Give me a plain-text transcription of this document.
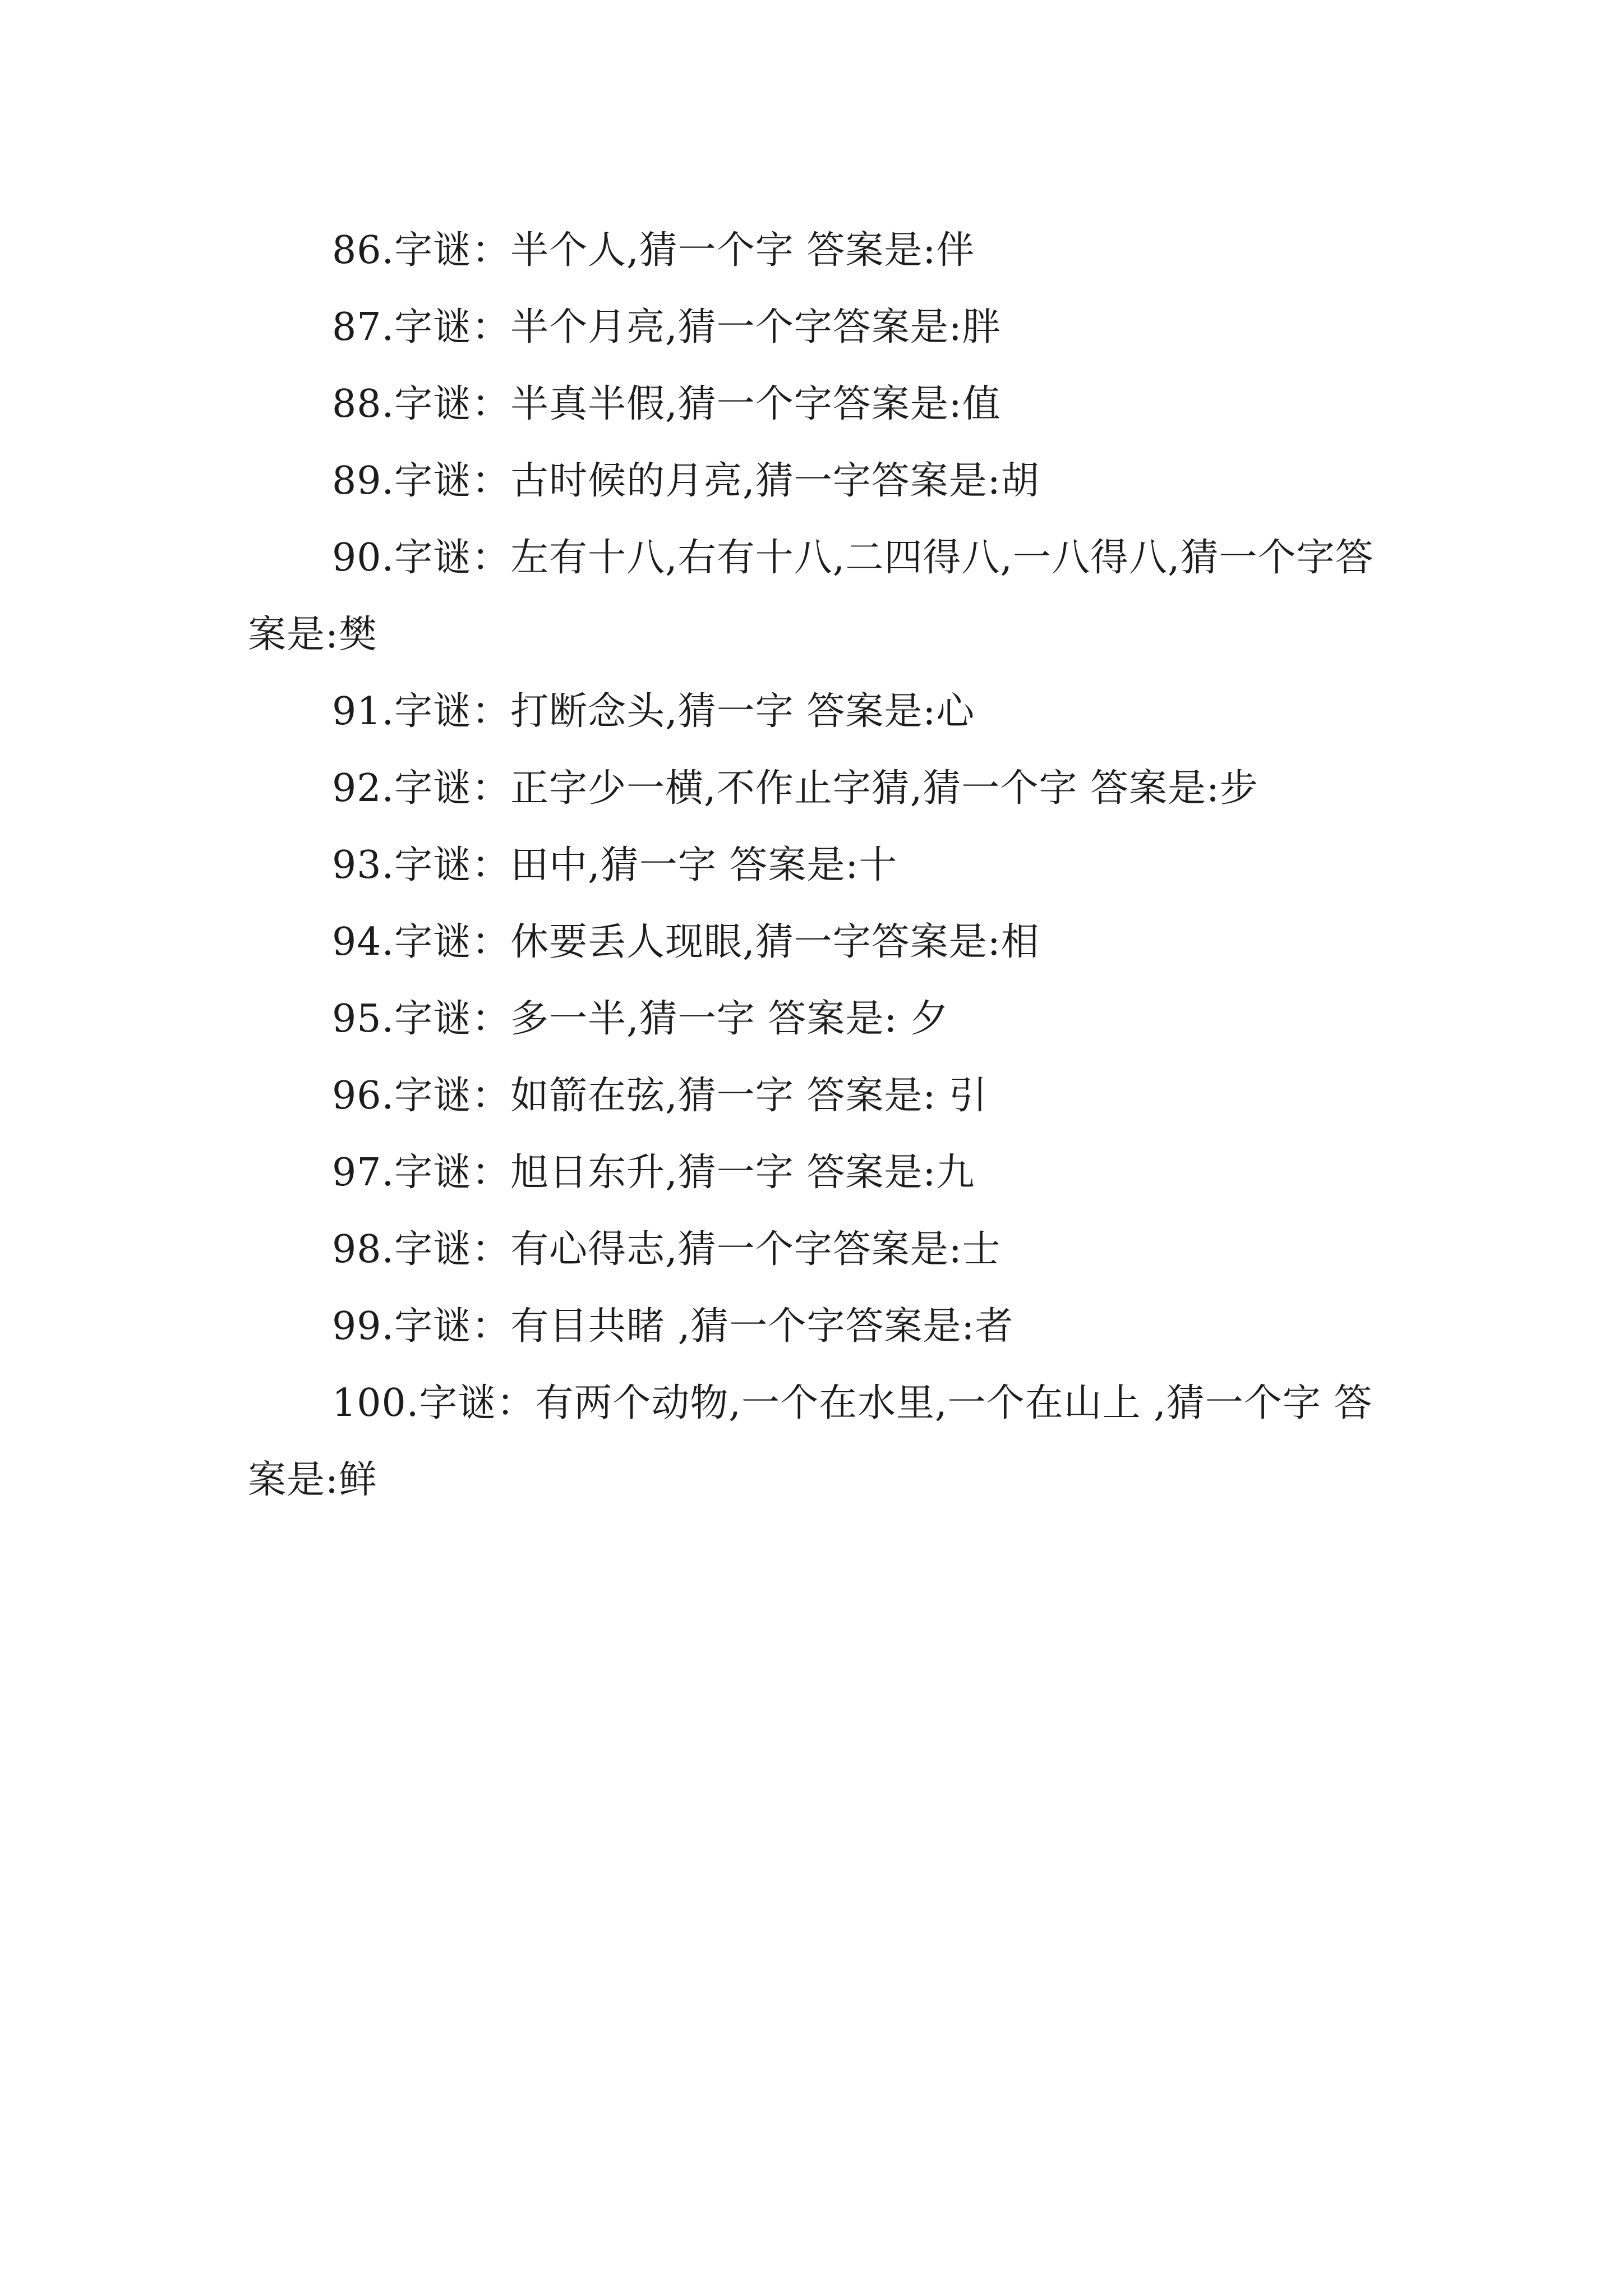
86.字谜：半个人,猜一个字 答案是:伴

87.字谜：半个月亮,猜一个字答案是:胖

88.字谜：半真半假,猜一个字答案是:值

89.字谜：古时候的月亮,猜一字答案是:胡

90.字谜：左有十八,右有十八,二四得八,一八得八,猜一个字答案是:樊

91.字谜：打断念头,猜一字 答案是:心

92.字谜：正字少一横,不作止字猜,猜一个字 答案是:步

93.字谜：田中,猜一字 答案是:十

94.字谜：休要丢人现眼,猜一字答案是:相

95.字谜：多一半,猜一字 答案是: 夕

96.字谜：如箭在弦,猜一字 答案是: 引

97.字谜：旭日东升,猜一字 答案是:九

98.字谜：有心得志,猜一个字答案是:士

99.字谜：有目共睹 ,猜一个字答案是:者

100.字谜：有两个动物,一个在水里,一个在山上 ,猜一个字 答案是:鲜
